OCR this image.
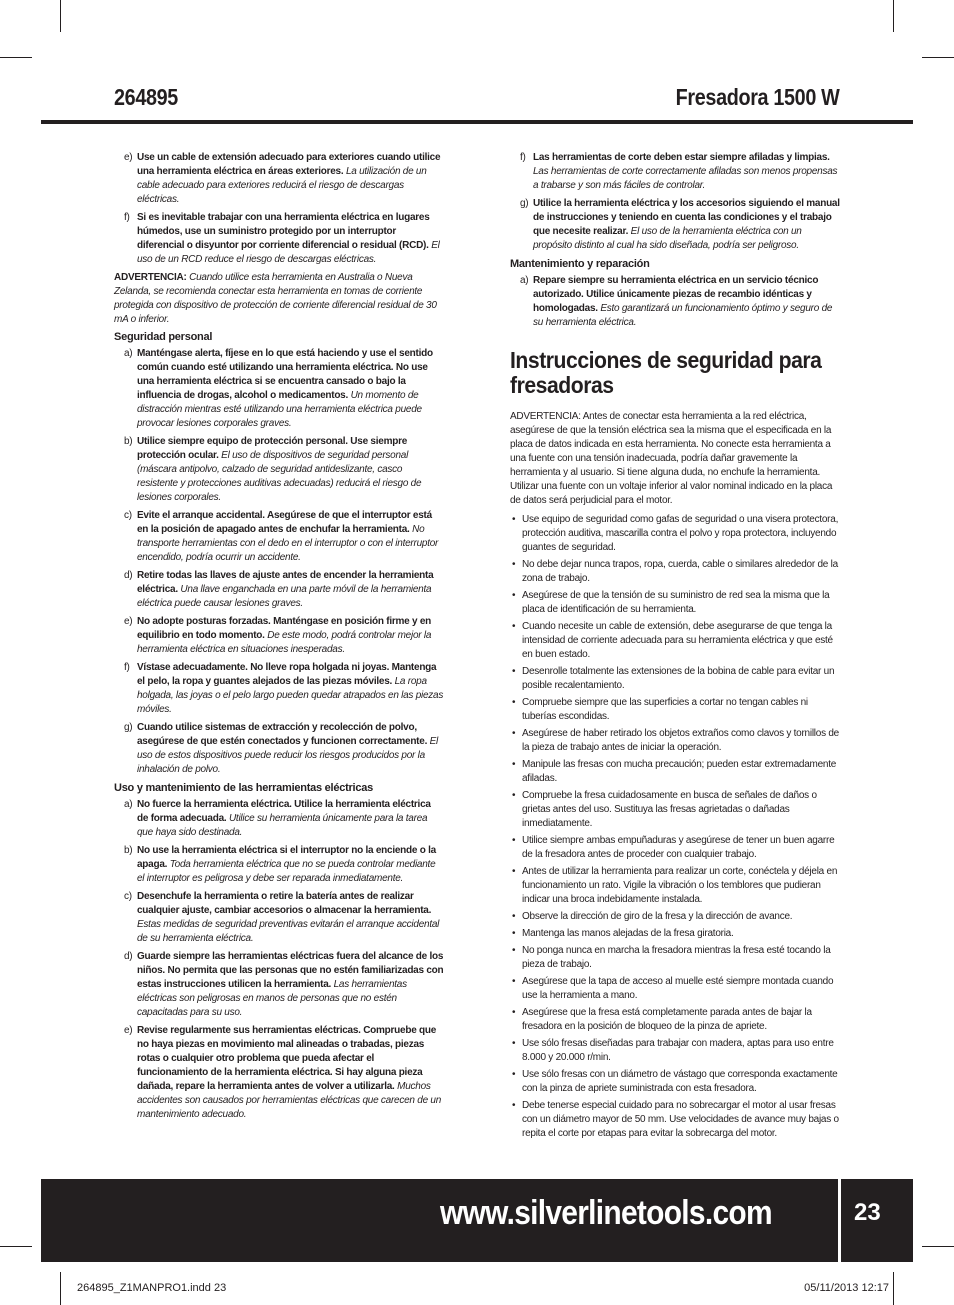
264895	Fresadora 1500 W
e) Use un cable de extensión adecuado para exteriores cuando utilice una herramienta eléctrica en áreas exteriores. La utilización de un cable adecuado para exteriores reducirá el riesgo de descargas eléctricas.
f) Si es inevitable trabajar con una herramienta eléctrica en lugares húmedos, use un suministro protegido por un interruptor diferencial o disyuntor por corriente diferencial o residual (RCD). El uso de un RCD reduce el riesgo de descargas eléctricas.
ADVERTENCIA: Cuando utilice esta herramienta en Australia o Nueva Zelanda, se recomienda conectar esta herramienta en tomas de corriente protegida con dispositivo de protección de corriente diferencial residual de 30 mA o inferior.
Seguridad personal
a) Manténgase alerta, fíjese en lo que está haciendo y use el sentido común cuando esté utilizando una herramienta eléctrica. No use una herramienta eléctrica si se encuentra cansado o bajo la influencia de drogas, alcohol o medicamentos. Un momento de distracción mientras esté utilizando una herramienta eléctrica puede provocar lesiones corporales graves.
b) Utilice siempre equipo de protección personal. Use siempre protección ocular. El uso de dispositivos de seguridad personal (máscara antipolvo, calzado de seguridad antideslizante, casco resistente y protecciones auditivas adecuadas) reducirá el riesgo de lesiones corporales.
c) Evite el arranque accidental. Asegúrese de que el interruptor está en la posición de apagado antes de enchufar la herramienta. No transporte herramientas con el dedo en el interruptor o con el interruptor encendido, podría ocurrir un accidente.
d) Retire todas las llaves de ajuste antes de encender la herramienta eléctrica. Una llave enganchada en una parte móvil de la herramienta eléctrica puede causar lesiones graves.
e) No adopte posturas forzadas. Manténgase en posición firme y en equilibrio en todo momento. De este modo, podrá controlar mejor la herramienta eléctrica en situaciones inesperadas.
f) Vístase adecuadamente. No lleve ropa holgada ni joyas. Mantenga el pelo, la ropa y guantes alejados de las piezas móviles. La ropa holgada, las joyas o el pelo largo pueden quedar atrapados en las piezas móviles.
g) Cuando utilice sistemas de extracción y recolección de polvo, asegúrese de que estén conectados y funcionen correctamente. El uso de estos dispositivos puede reducir los riesgos producidos por la inhalación de polvo.
Uso y mantenimiento de las herramientas eléctricas
a) No fuerce la herramienta eléctrica. Utilice la herramienta eléctrica de forma adecuada. Utilice su herramienta únicamente para la tarea que haya sido destinada.
b) No use la herramienta eléctrica si el interruptor no la enciende o la apaga. Toda herramienta eléctrica que no se pueda controlar mediante el interruptor es peligrosa y debe ser reparada inmediatamente.
c) Desenchufe la herramienta o retire la batería antes de realizar cualquier ajuste, cambiar accesorios o almacenar la herramienta. Estas medidas de seguridad preventivas evitarán el arranque accidental de su herramienta eléctrica.
d) Guarde siempre las herramientas eléctricas fuera del alcance de los niños. No permita que las personas que no estén familiarizadas con estas instrucciones utilicen la herramienta. Las herramientas eléctricas son peligrosas en manos de personas que no estén capacitadas para su uso.
e) Revise regularmente sus herramientas eléctricas. Compruebe que no haya piezas en movimiento mal alineadas o trabadas, piezas rotas o cualquier otro problema que pueda afectar el funcionamiento de la herramienta eléctrica. Si hay alguna pieza dañada, repare la herramienta antes de volver a utilizarla. Muchos accidentes son causados por herramientas eléctricas que carecen de un mantenimiento adecuado.
f) Las herramientas de corte deben estar siempre afiladas y limpias. Las herramientas de corte correctamente afiladas son menos propensas a trabarse y son más fáciles de controlar.
g) Utilice la herramienta eléctrica y los accesorios siguiendo el manual de instrucciones y teniendo en cuenta las condiciones y el trabajo que necesite realizar. El uso de la herramienta eléctrica con un propósito distinto al cual ha sido diseñada, podría ser peligroso.
Mantenimiento y reparación
a) Repare siempre su herramienta eléctrica en un servicio técnico autorizado. Utilice únicamente piezas de recambio idénticas y homologadas. Esto garantizará un funcionamiento óptimo y seguro de su herramienta eléctrica.
Instrucciones de seguridad para fresadoras
ADVERTENCIA: Antes de conectar esta herramienta a la red eléctrica, asegúrese de que la tensión eléctrica sea la misma que el especificada en la placa de datos indicada en esta herramienta. No conecte esta herramienta a una fuente con una tensión inadecuada, podría dañar gravemente la herramienta y al usuario. Si tiene alguna duda, no enchufe la herramienta. Utilizar una fuente con un voltaje inferior al valor nominal indicado en la placa de datos será perjudicial para el motor.
• Use equipo de seguridad como gafas de seguridad o una visera protectora, protección auditiva, mascarilla contra el polvo y ropa protectora, incluyendo guantes de seguridad.
• No debe dejar nunca trapos, ropa, cuerda, cable o similares alrededor de la zona de trabajo.
• Asegúrese de que la tensión de su suministro de red sea la misma que la placa de identificación de su herramienta.
• Cuando necesite un cable de extensión, debe asegurarse de que tenga la intensidad de corriente adecuada para su herramienta eléctrica y que esté en buen estado.
• Desenrolle totalmente las extensiones de la bobina de cable para evitar un posible recalentamiento.
• Compruebe siempre que las superficies a cortar no tengan cables ni tuberías escondidas.
• Asegúrese de haber retirado los objetos extraños como clavos y tornillos de la pieza de trabajo antes de iniciar la operación.
• Manipule las fresas con mucha precaución; pueden estar extremadamente afiladas.
• Compruebe la fresa cuidadosamente en busca de señales de daños o grietas antes del uso. Sustituya las fresas agrietadas o dañadas inmediatamente.
• Utilice siempre ambas empuñaduras y asegúrese de tener un buen agarre de la fresadora antes de proceder con cualquier trabajo.
• Antes de utilizar la herramienta para realizar un corte, conéctela y déjela en funcionamiento un rato. Vigile la vibración o los temblores que pudieran indicar una broca indebidamente instalada.
• Observe la dirección de giro de la fresa y la dirección de avance.
• Mantenga las manos alejadas de la fresa giratoria.
• No ponga nunca en marcha la fresadora mientras la fresa esté tocando la pieza de trabajo.
• Asegúrese que la tapa de acceso al muelle esté siempre montada cuando use la herramienta a mano.
• Asegúrese que la fresa está completamente parada antes de bajar la fresadora en la posición de bloqueo de la pinza de apriete.
• Use sólo fresas diseñadas para trabajar con madera, aptas para uso entre 8.000 y 20.000 r/min.
• Use sólo fresas con un diámetro de vástago que corresponda exactamente con la pinza de apriete suministrada con esta fresadora.
• Debe tenerse especial cuidado para no sobrecargar el motor al usar fresas con un diámetro mayor de 50 mm. Use velocidades de avance muy bajas o repita el corte por etapas para evitar la sobrecarga del motor.
www.silverlinetools.com	23
264895_Z1MANPRO1.indd 23	05/11/2013 12:17
